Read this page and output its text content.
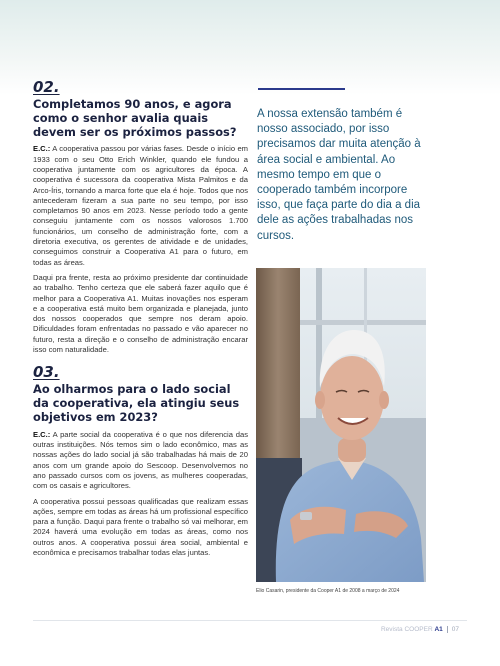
02.
Completamos 90 anos, e agora como o senhor avalia quais devem ser os próximos passos?

E.C.: A cooperativa passou por várias fases. Desde o início em 1933 com o seu Otto Erich Winkler, quando ele fundou a cooperativa juntamente com os agricultores da época. A cooperativa é sucessora da cooperativa Mista Palmitos e da Arco-Íris, tornando a marca forte que ela é hoje. Todos que nos antecederam fizeram a sua parte no seu tempo, por isso completamos 90 anos em 2023. Nesse período todo a gente conseguiu juntamente com os nossos valorosos 1.700 funcionários, um conselho de administração forte, com a diretoria executiva, os gerentes de atividade e de unidades, conseguimos construir a Cooperativa A1 para o futuro, em todas as áreas.

Daqui pra frente, resta ao próximo presidente dar continuidade ao trabalho. Tenho certeza que ele saberá fazer aquilo que é melhor para a Cooperativa A1. Muitas inovações nos esperam e a cooperativa está muito bem organizada e planejada, junto dos nossos cooperados que sempre nos deram apoio. Dificuldades foram enfrentadas no passado e vão aparecer no futuro, resta a direção e o conselho de administração encarar isso com naturalidade.

03.
Ao olharmos para o lado social da cooperativa, ela atingiu seus objetivos em 2023?

E.C.: A parte social da cooperativa é o que nos diferencia das outras instituições. Nós temos sim o lado econômico, mas as nossas ações do lado social já são trabalhadas há mais de 20 anos com um grande apoio do Sescoop. Desenvolvemos no ano passado cursos com os jovens, as mulheres cooperadas, com os casais e agricultores.

A cooperativa possui pessoas qualificadas que realizam essas ações, sempre em todas as áreas há um profissional específico para a função. Daqui para frente o trabalho só vai melhorar, em 2024 haverá uma evolução em todas as áreas, como nos outros anos. A cooperativa possui área social, ambiental e econômica e precisamos trabalhar todas elas juntas.

A nossa extensão também é nosso associado, por isso precisamos dar muita atenção à área social e ambiental. Ao mesmo tempo em que o cooperado também incorpore isso, que faça parte do dia a dia dele as ações trabalhadas nos cursos.

Elio Casarin, presidente da Cooper A1 de 2008 a março de 2024

Revista COOPER A1 07
